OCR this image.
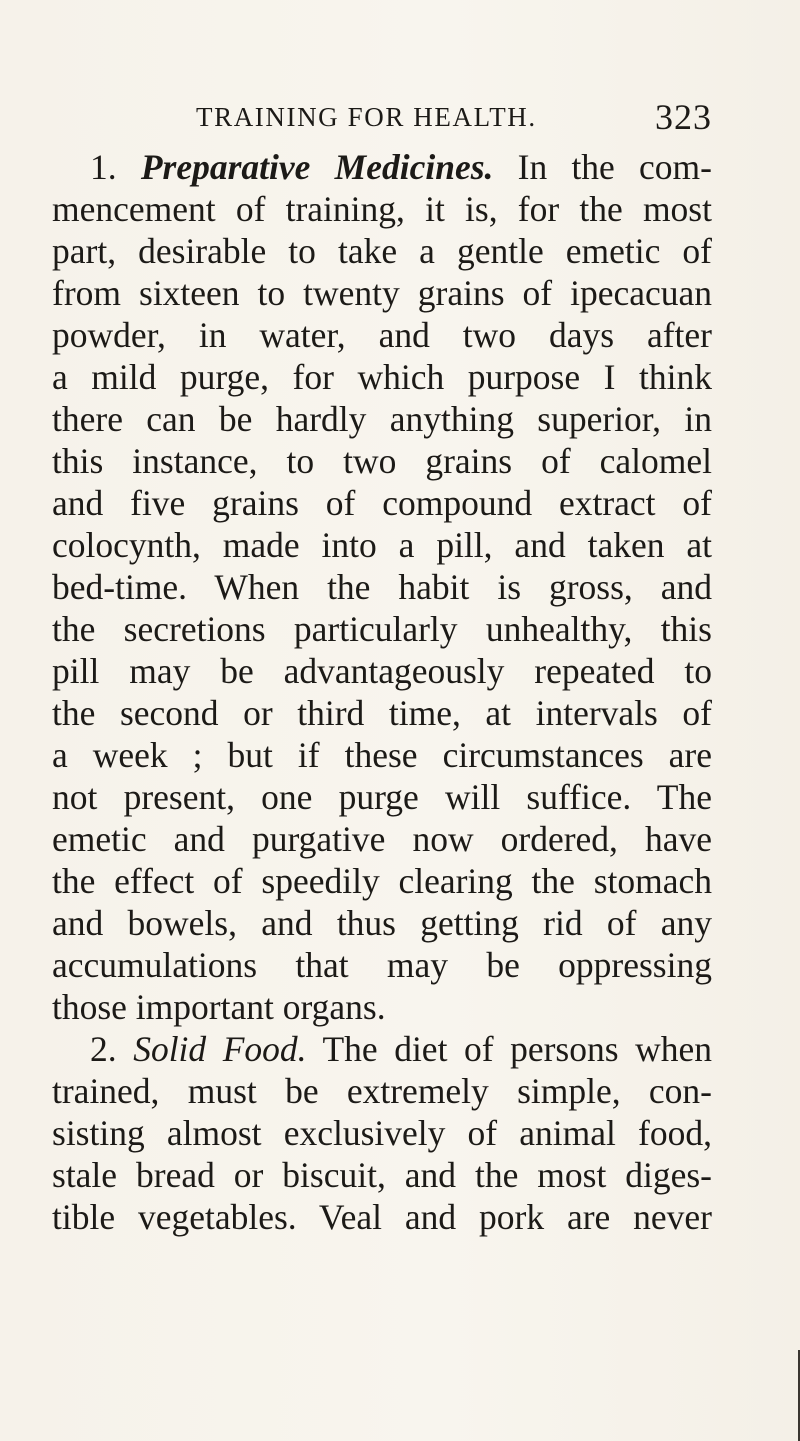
TRAINING FOR HEALTH.	323
1. Preparative Medicines. In the com-
mencement of training, it is, for the most
part, desirable to take a gentle emetic of
from sixteen to twenty grains of ipecacuan
powder, in water, and two days after
a mild purge, for which purpose I think
there can be hardly anything superior, in
this instance, to two grains of calomel
and five grains of compound extract of
colocynth, made into a pill, and taken at
bed-time. When the habit is gross, and
the secretions particularly unhealthy, this
pill may be advantageously repeated to
the second or third time, at intervals of
a week ; but if these circumstances are
not present, one purge will suffice. The
emetic and purgative now ordered, have
the effect of speedily clearing the stomach
and bowels, and thus getting rid of any
accumulations that may be oppressing
those important organs.
2. Solid Food. The diet of persons when
trained, must be extremely simple, con-
sisting almost exclusively of animal food,
stale bread or biscuit, and the most diges-
tible vegetables. Veal and pork are never
